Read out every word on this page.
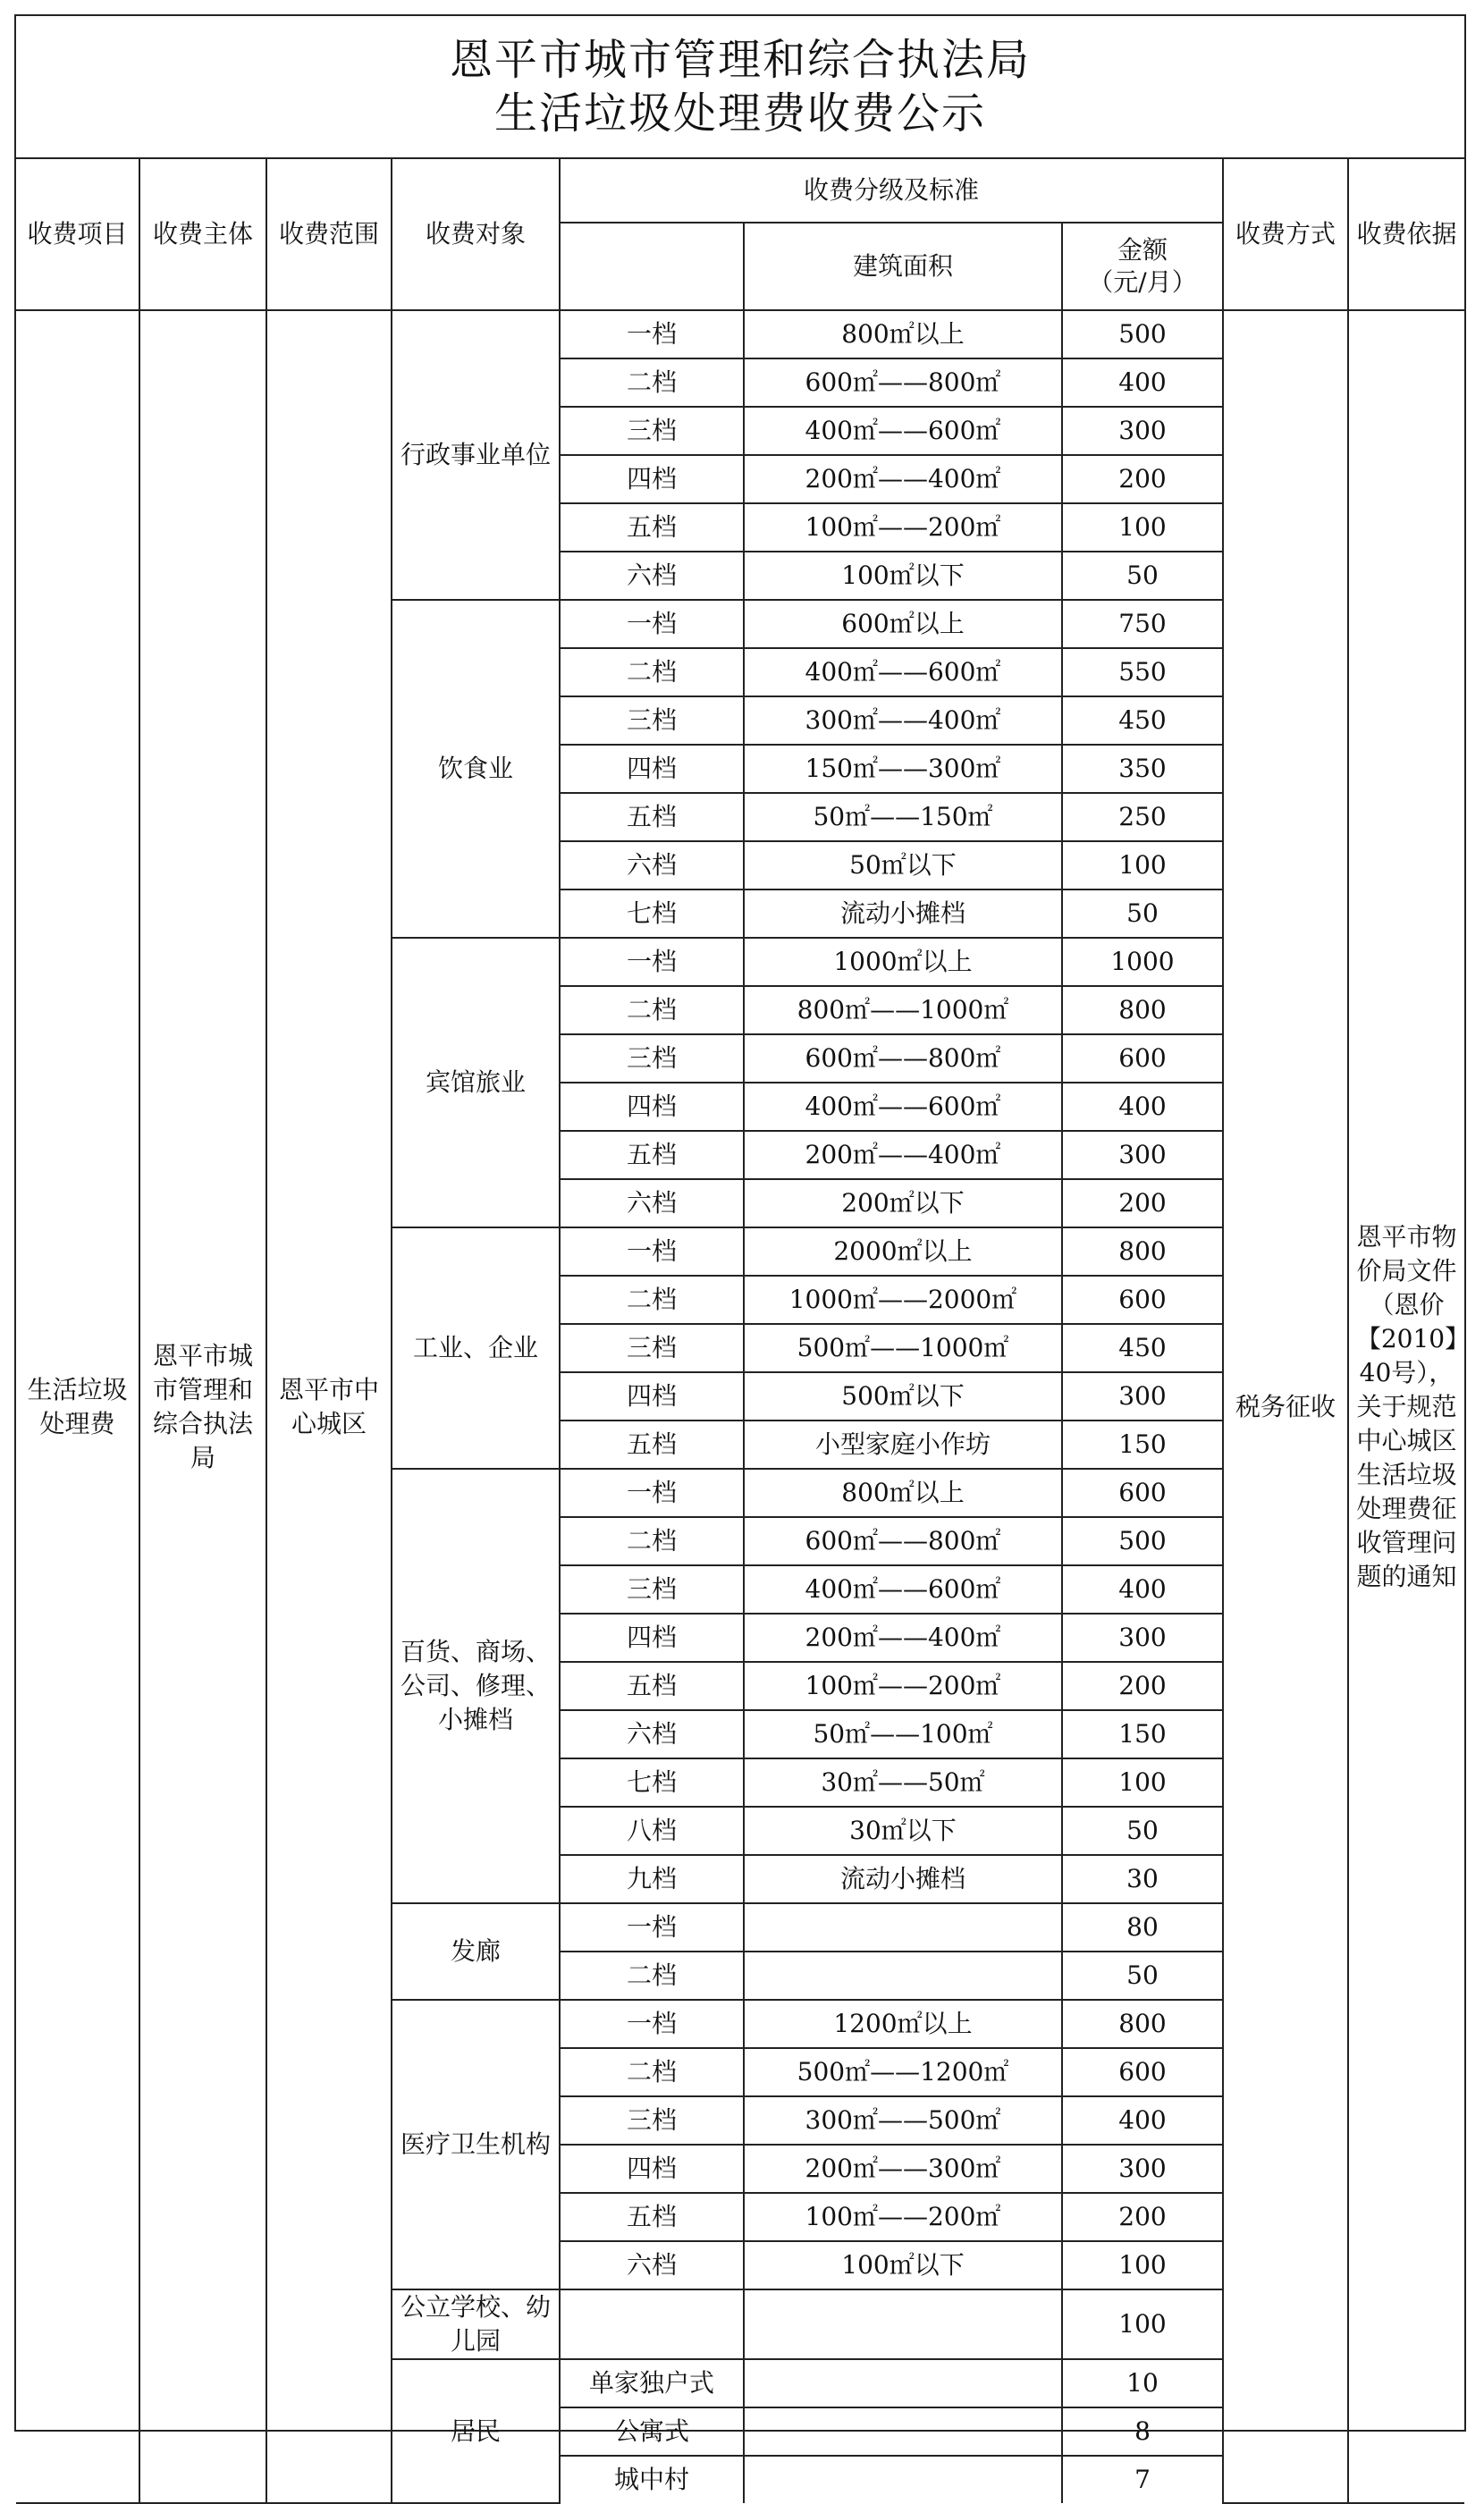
恩平市城市管理和综合执法局
生活垃圾处理费收费公示
收费项目	收费主体	收费范围	收费对象	收费分级及标准			收费方式	收费依据
					建筑面积	金额
（元/月）		
生活垃圾处理费	恩平市城市管理和综合执法局	恩平市中心城区	行政事业单位	一档	800㎡以上	500	税务征收	恩平市物价局文件（恩价【2010】40号），关于规范中心城区生活垃圾处理费征收管理问题的通知
				二档	600㎡——800㎡	400		
				三档	400㎡——600㎡	300		
				四档	200㎡——400㎡	200		
				五档	100㎡——200㎡	100		
				六档	100㎡以下	50		
			饮食业	一档	600㎡以上	750		
				二档	400㎡——600㎡	550		
				三档	300㎡——400㎡	450		
				四档	150㎡——300㎡	350		
				五档	50㎡——150㎡	250		
				六档	50㎡以下	100		
				七档	流动小摊档	50		
			宾馆旅业	一档	1000㎡以上	1000		
				二档	800㎡——1000㎡	800		
				三档	600㎡——800㎡	600		
				四档	400㎡——600㎡	400		
				五档	200㎡——400㎡	300		
				六档	200㎡以下	200		
			工业、企业	一档	2000㎡以上	800		
				二档	1000㎡——2000㎡	600		
				三档	500㎡——1000㎡	450		
				四档	500㎡以下	300		
				五档	小型家庭小作坊	150		
			百货、商场、公司、修理、小摊档	一档	800㎡以上	600		
				二档	600㎡——800㎡	500		
				三档	400㎡——600㎡	400		
				四档	200㎡——400㎡	300		
				五档	100㎡——200㎡	200		
				六档	50㎡——100㎡	150		
				七档	30㎡——50㎡	100		
				八档	30㎡以下	50		
				九档	流动小摊档	30		
			发廊	一档		80		
				二档		50		
			医疗卫生机构	一档	1200㎡以上	800		
				二档	500㎡——1200㎡	600		
				三档	300㎡——500㎡	400		
				四档	200㎡——300㎡	300		
				五档	100㎡——200㎡	200		
				六档	100㎡以下	100		
			公立学校、幼儿园			100		
			居民	单家独户式		10		
				公寓式		8		
				城中村		7		
